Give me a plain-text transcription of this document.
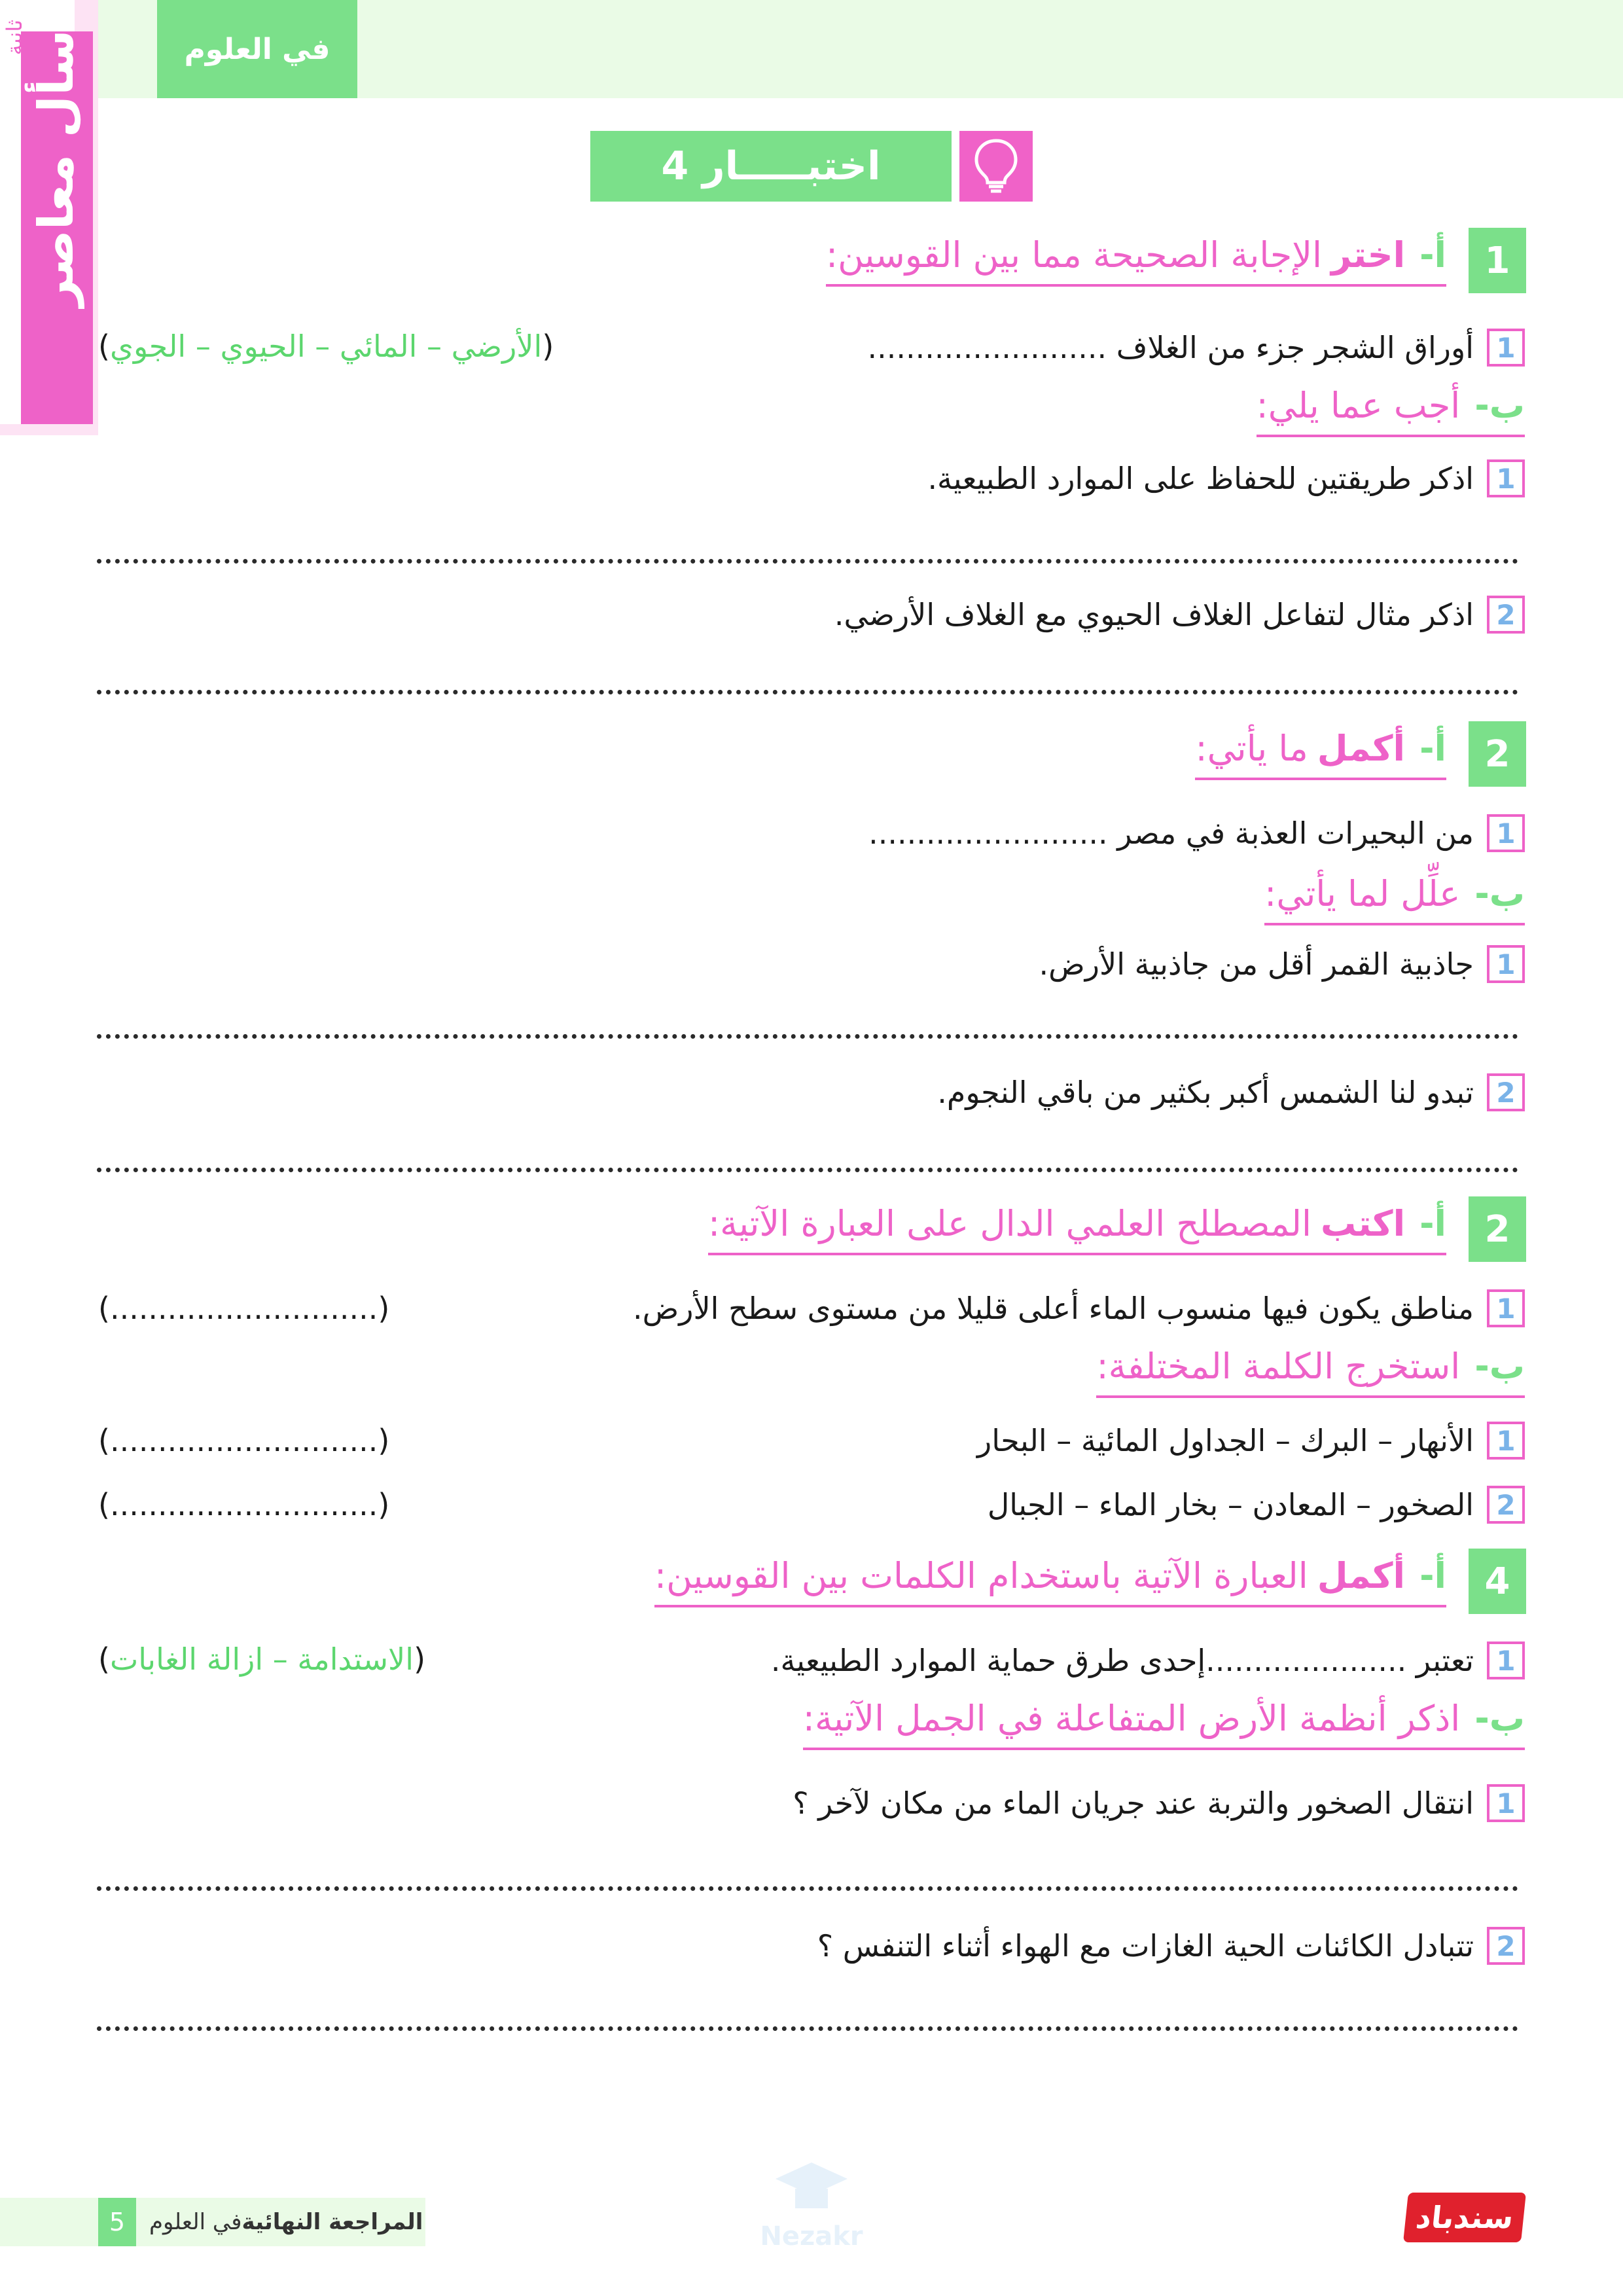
في العلوم
اسأل معاصر
ثانية
اختبـــــار 4
1
أ-
اختر
الإجابة الصحيحة مما بين القوسين:
1
أوراق الشجر جزء من الغلاف .........................
(الأرضي – المائي – الحيوي – الجوي)
ب-
أجب عما يلي:
1
اذكر طريقتين للحفاظ على الموارد الطبيعية.
2
اذكر مثال لتفاعل الغلاف الحيوي مع الغلاف الأرضي.
2
أ-
أكمل
ما يأتي:
1
من البحيرات العذبة في مصر .........................
ب-
علِّل لما يأتي:
1
جاذبية القمر أقل من جاذبية الأرض.
2
تبدو لنا الشمس أكبر بكثير من باقي النجوم.
2
أ-
اكتب
المصطلح العلمي الدال على العبارة الآتية:
1
مناطق يكون فيها منسوب الماء أعلى قليلا من مستوى سطح الأرض.
(............................)
ب-
استخرج الكلمة المختلفة:
1
الأنهار – البرك – الجداول المائية – البحار
(............................)
2
الصخور – المعادن – بخار الماء – الجبال
(............................)
4
أ-
أكمل
العبارة الآتية باستخدام الكلمات بين القوسين:
1
تعتبر .....................إحدى طرق حماية الموارد الطبيعية.
(الاستدامة – ازالة الغابات)
ب-
اذكر أنظمة الأرض المتفاعلة في الجمل الآتية:
1
انتقال الصخور والتربة عند جريان الماء من مكان لآخر ؟
2
تتبادل الكائنات الحية الغازات مع الهواء أثناء التنفس ؟
Nezakr
5	المراجعة النهائية
في العلوم	سندباد
